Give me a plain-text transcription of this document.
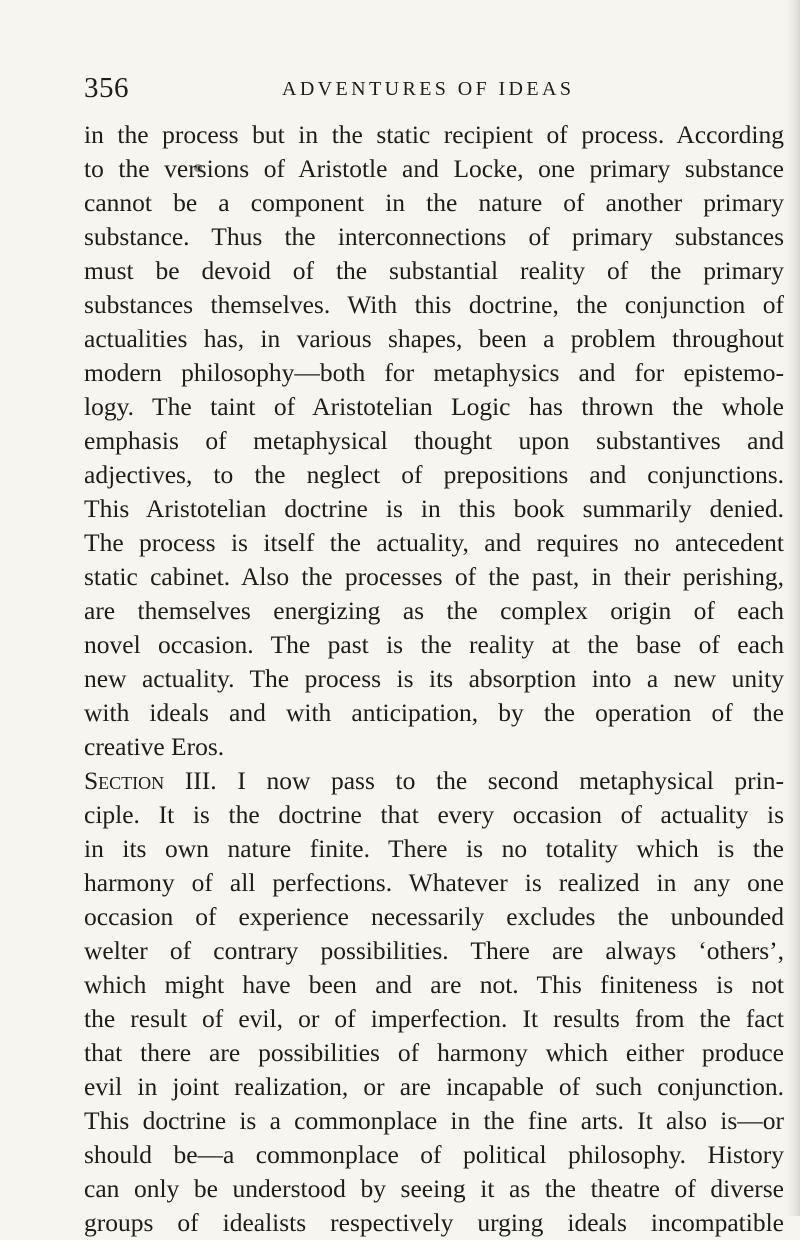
356	ADVENTURES OF IDEAS
in the process but in the static recipient of process. According
to the versions of Aristotle and Locke, one primary substance
cannot be a component in the nature of another primary
substance. Thus the interconnections of primary substances
must be devoid of the substantial reality of the primary
substances themselves. With this doctrine, the conjunction of
actualities has, in various shapes, been a problem throughout
modern philosophy—both for metaphysics and for epistemo-
logy. The taint of Aristotelian Logic has thrown the whole
emphasis of metaphysical thought upon substantives and
adjectives, to the neglect of prepositions and conjunctions.
This Aristotelian doctrine is in this book summarily denied.
The process is itself the actuality, and requires no antecedent
static cabinet. Also the processes of the past, in their perishing,
are themselves energizing as the complex origin of each
novel occasion. The past is the reality at the base of each
new actuality. The process is its absorption into a new unity
with ideals and with anticipation, by the operation of the
creative Eros.
Section III. I now pass to the second metaphysical prin-
ciple. It is the doctrine that every occasion of actuality is
in its own nature finite. There is no totality which is the
harmony of all perfections. Whatever is realized in any one
occasion of experience necessarily excludes the unbounded
welter of contrary possibilities. There are always ‘others’,
which might have been and are not. This finiteness is not
the result of evil, or of imperfection. It results from the fact
that there are possibilities of harmony which either produce
evil in joint realization, or are incapable of such conjunction.
This doctrine is a commonplace in the fine arts. It also is—or
should be—a commonplace of political philosophy. History
can only be understood by seeing it as the theatre of diverse
groups of idealists respectively urging ideals incompatible
